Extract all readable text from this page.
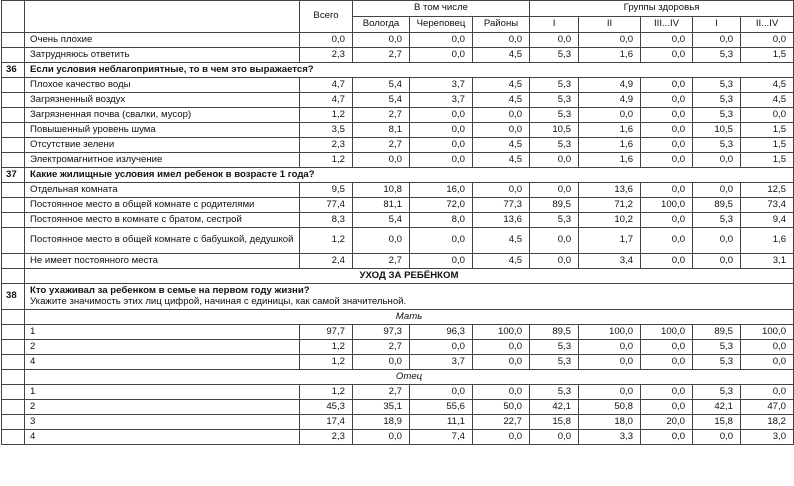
		Всего	В том числе			Группы здоровья				
			Вологда	Череповец	Районы	I	II	III...IV	I	II...IV
	Очень плохие	0,0	0,0	0,0	0,0	0,0	0,0	0,0	0,0	0,0
	Затрудняюсь ответить	2,3	2,7	0,0	4,5	5,3	1,6	0,0	5,3	1,5
36	Если условия неблагоприятные, то в чем это выражается?									

	Плохое качество воды	4,7	5,4	3,7	4,5	5,3	4,9	0,0	5,3	4,5
	Загрязненный воздух	4,7	5,4	3,7	4,5	5,3	4,9	0,0	5,3	4,5
	Загрязненная почва (свалки, мусор)	1,2	2,7	0,0	0,0	5,3	0,0	0,0	5,3	0,0
	Повышенный уровень шума	3,5	8,1	0,0	0,0	10,5	1,6	0,0	10,5	1,5
	Отсутствие зелени	2,3	2,7	0,0	4,5	5,3	1,6	0,0	5,3	1,5
	Электромагнитное излучение	1,2	0,0	0,0	4,5	0,0	1,6	0,0	0,0	1,5
37	Какие жилищные условия имел ребенок в возрасте 1 года?									

	Отдельная комната	9,5	10,8	16,0	0,0	0,0	13,6	0,0	0,0	12,5
	Постоянное место в общей комнате с родителями	77,4	81,1	72,0	77,3	89,5	71,2	100,0	89,5	73,4
	Постоянное место в комнате с братом, сестрой	8,3	5,4	8,0	13,6	5,3	10,2	0,0	5,3	9,4
	Постоянное место в общей комнате с бабушкой, дедушкой	1,2	0,0	0,0	4,5	0,0	1,7	0,0	0,0	1,6
	Не имеет постоянного места	2,4	2,7	0,0	4,5	0,0	3,4	0,0	0,0	3,1
	УХОД ЗА РЕБЁНКОМ									
38	Кто ухаживал за ребенком в семье на первом году жизни?
Укажите значимость этих лиц цифрой, начиная с единицы, как самой значительной.									

	Мать									
	1	97,7	97,3	96,3	100,0	89,5	100,0	100,0	89,5	100,0
	2	1,2	2,7	0,0	0,0	5,3	0,0	0,0	5,3	0,0
	4	1,2	0,0	3,7	0,0	5,3	0,0	0,0	5,3	0,0
	Отец									
	1	1,2	2,7	0,0	0,0	5,3	0,0	0,0	5,3	0,0
	2	45,3	35,1	55,6	50,0	42,1	50,8	0,0	42,1	47,0
	3	17,4	18,9	11,1	22,7	15,8	18,0	20,0	15,8	18,2
	4	2,3	0,0	7,4	0,0	0,0	3,3	0,0	0,0	3,0
